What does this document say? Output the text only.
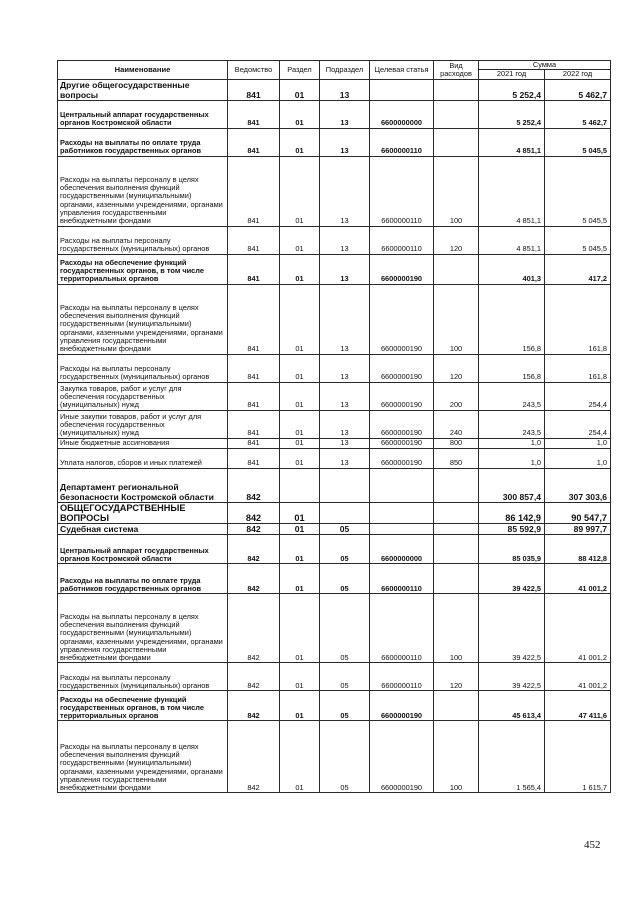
Наименование	Ведомство	Раздел	Подраздел	Целевая статья	Вид расходов	Сумма	
						2021 год	2022 год
Другие общегосударственные вопросы	841	01	13			5 252,4	5 462,7
Центральный аппарат государственных органов Костромской области	841	01	13	6600000000		5 252,4	5 462,7
Расходы на выплаты по оплате труда работников государственных органов	841	01	13	6600000110		4 851,1	5 045,5
Расходы на выплаты персоналу в целях обеспечения выполнения функций государственными (муниципальными) органами, казенными учреждениями, органами управления государственными внебюджетными фондами	841	01	13	6600000110	100	4 851,1	5 045,5
Расходы на выплаты персоналу государственных (муниципальных) органов	841	01	13	6600000110	120	4 851,1	5 045,5
Расходы на обеспечение функций государственных органов, в том числе территориальных органов	841	01	13	6600000190		401,3	417,2
Расходы на выплаты персоналу в целях обеспечения выполнения функций государственными (муниципальными) органами, казенными учреждениями, органами управления государственными внебюджетными фондами	841	01	13	6600000190	100	156,8	161,8
Расходы на выплаты персоналу государственных (муниципальных) органов	841	01	13	6600000190	120	156,8	161,8
Закупка товаров, работ и услуг для обеспечения государственных (муниципальных) нужд	841	01	13	6600000190	200	243,5	254,4
Иные закупки товаров, работ и услуг для обеспечения государственных (муниципальных) нужд	841	01	13	6600000190	240	243,5	254,4
Иные бюджетные ассигнования	841	01	13	6600000190	800	1,0	1,0
Уплата налогов, сборов и иных платежей	841	01	13	6600000190	850	1,0	1,0
Департамент региональной безопасности Костромской области	842					300 857,4	307 303,6
ОБЩЕГОСУДАРСТВЕННЫЕ ВОПРОСЫ	842	01				86 142,9	90 547,7
Судебная система	842	01	05			85 592,9	89 997,7
Центральный аппарат государственных органов Костромской области	842	01	05	6600000000		85 035,9	88 412,8
Расходы на выплаты по оплате труда работников государственных органов	842	01	05	6600000110		39 422,5	41 001,2
Расходы на выплаты персоналу в целях обеспечения выполнения функций государственными (муниципальными) органами, казенными учреждениями, органами управления государственными внебюджетными фондами	842	01	05	6600000110	100	39 422,5	41 001,2
Расходы на выплаты персоналу государственных (муниципальных) органов	842	01	05	6600000110	120	39 422,5	41 001,2
Расходы на обеспечение функций государственных органов, в том числе территориальных органов	842	01	05	6600000190		45 613,4	47 411,6
Расходы на выплаты персоналу в целях обеспечения выполнения функций государственными (муниципальными) органами, казенными учреждениями, органами управления государственными внебюджетными фондами	842	01	05	6600000190	100	1 565,4	1 615,7
452
